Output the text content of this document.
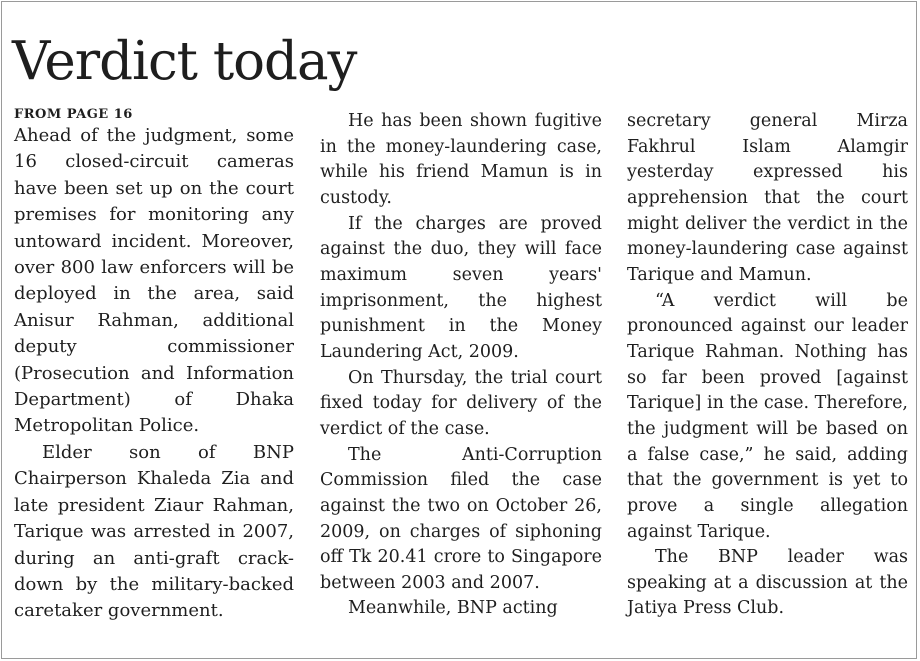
Verdict today
FROM PAGE 16

Ahead of the judgment, some 16 closed-circuit cameras have been set up on the court premises for monitoring any untoward incident. Moreover, over 800 law enforcers will be deployed in the area, said Anisur Rahman, additional deputy commissioner (Prosecution and Information Department) of Dhaka Metropolitan Police.

Elder son of BNP Chairperson Khaleda Zia and late president Ziaur Rahman, Tarique was arrested in 2007, during an anti-graft crack-down by the military-backed caretaker government.

He has been shown fugitive in the money-laundering case, while his friend Mamun is in custody.

If the charges are proved against the duo, they will face maximum seven years' imprisonment, the highest punishment in the Money Laundering Act, 2009.

On Thursday, the trial court fixed today for delivery of the verdict of the case.

The Anti-Corruption Commission filed the case against the two on October 26, 2009, on charges of siphoning off Tk 20.41 crore to Singapore between 2003 and 2007.

Meanwhile, BNP acting

secretary general Mirza Fakhrul Islam Alamgir yesterday expressed his apprehension that the court might deliver the verdict in the money-laundering case against Tarique and Mamun.

“A verdict will be pronounced against our leader Tarique Rahman. Nothing has so far been proved [against Tarique] in the case. Therefore, the judgment will be based on a false case,” he said, adding that the government is yet to prove a single allegation against Tarique.

The BNP leader was speaking at a discussion at the Jatiya Press Club.
